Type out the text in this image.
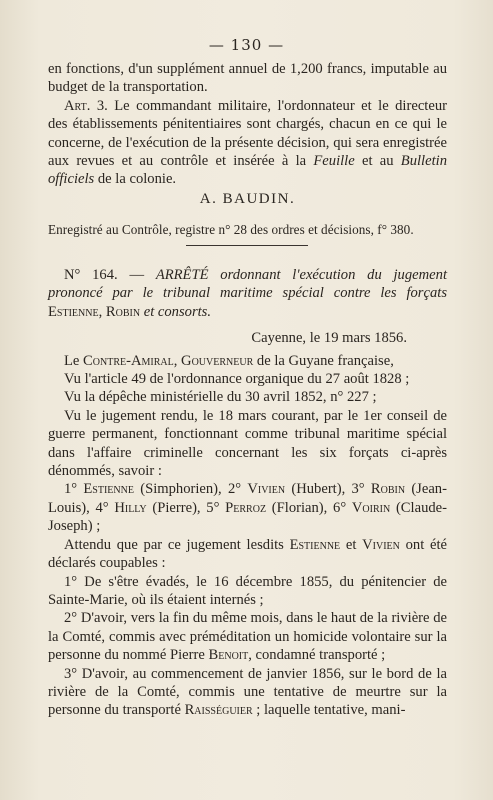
— 130 —

en fonctions, d'un supplément annuel de 1,200 francs, imputable au budget de la transportation.

Art. 3. Le commandant militaire, l'ordonnateur et le directeur des établissements pénitentiaires sont chargés, chacun en ce qui le concerne, de l'exécution de la présente décision, qui sera enregistrée aux revues et au contrôle et insérée à la Feuille et au Bulletin officiels de la colonie.

A. BAUDIN.
Enregistré au Contrôle, registre n° 28 des ordres et décisions, f° 380.

N° 164. — ARRÊTÉ ordonnant l'exécution du jugement prononcé par le tribunal maritime spécial contre les forçats Estienne, Robin et consorts.

Cayenne, le 19 mars 1856.

Le Contre-Amiral, Gouverneur de la Guyane française,

Vu l'article 49 de l'ordonnance organique du 27 août 1828 ;

Vu la dépêche ministérielle du 30 avril 1852, n° 227 ;

Vu le jugement rendu, le 18 mars courant, par le 1er conseil de guerre permanent, fonctionnant comme tribunal maritime spécial dans l'affaire criminelle concernant les six forçats ci-après dénommés, savoir :

1° Estienne (Simphorien), 2° Vivien (Hubert), 3° Robin (Jean-Louis), 4° Hilly (Pierre), 5° Perroz (Florian), 6° Voirin (Claude-Joseph) ;

Attendu que par ce jugement lesdits Estienne et Vivien ont été déclarés coupables :

1° De s'être évadés, le 16 décembre 1855, du pénitencier de Sainte-Marie, où ils étaient internés ;

2° D'avoir, vers la fin du même mois, dans le haut de la rivière de la Comté, commis avec préméditation un homicide volontaire sur la personne du nommé Pierre Benoit, condamné transporté ;

3° D'avoir, au commencement de janvier 1856, sur le bord de la rivière de la Comté, commis une tentative de meurtre sur la personne du transporté Raisséguier ; laquelle tentative, mani-
